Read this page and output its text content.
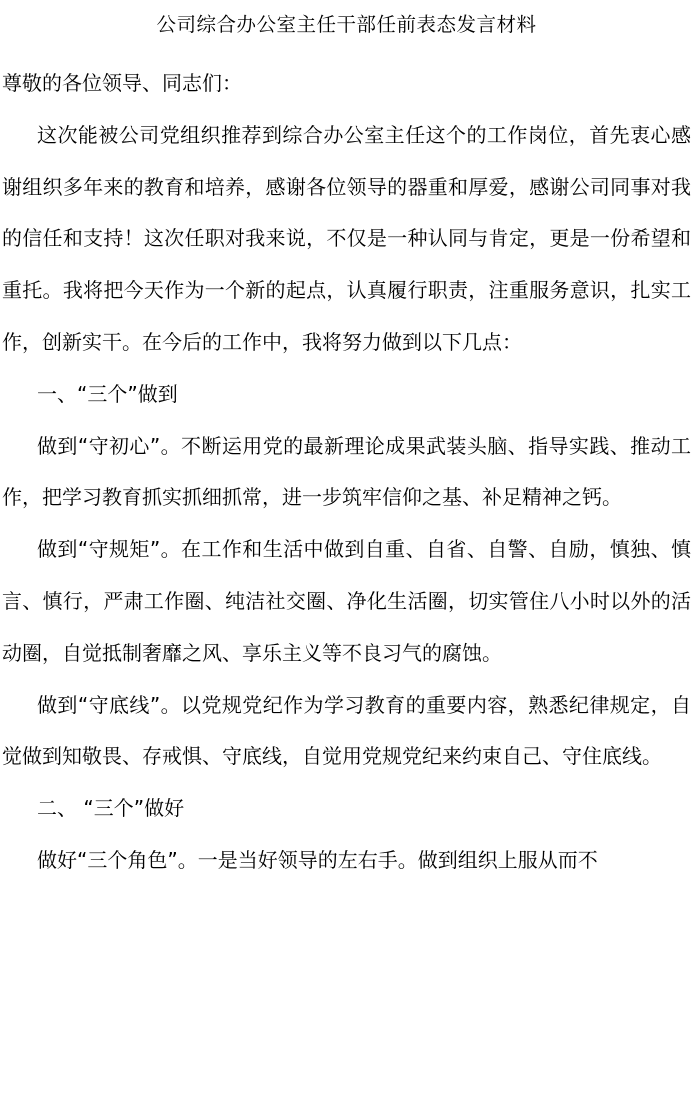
公司综合办公室主任干部任前表态发言材料

尊敬的各位领导、同志们：

这次能被公司党组织推荐到综合办公室主任这个的工作岗位，首先衷心感谢组织多年来的教育和培养，感谢各位领导的器重和厚爱，感谢公司同事对我的信任和支持！这次任职对我来说，不仅是一种认同与肯定，更是一份希望和重托。我将把今天作为一个新的起点，认真履行职责，注重服务意识，扎实工作，创新实干。在今后的工作中，我将努力做到以下几点：

一、“三个”做到

做到“守初心”。不断运用党的最新理论成果武装头脑、指导实践、推动工作，把学习教育抓实抓细抓常，进一步筑牢信仰之基、补足精神之钙。

做到“守规矩”。在工作和生活中做到自重、自省、自警、自励，慎独、慎言、慎行，严肃工作圈、纯洁社交圈、净化生活圈，切实管住八小时以外的活动圈，自觉抵制奢靡之风、享乐主义等不良习气的腐蚀。

做到“守底线”。以党规党纪作为学习教育的重要内容，熟悉纪律规定，自觉做到知敬畏、存戒惧、守底线，自觉用党规党纪来约束自己、守住底线。

二、 “三个”做好

做好“三个角色”。一是当好领导的左右手。做到组织上服从而不
